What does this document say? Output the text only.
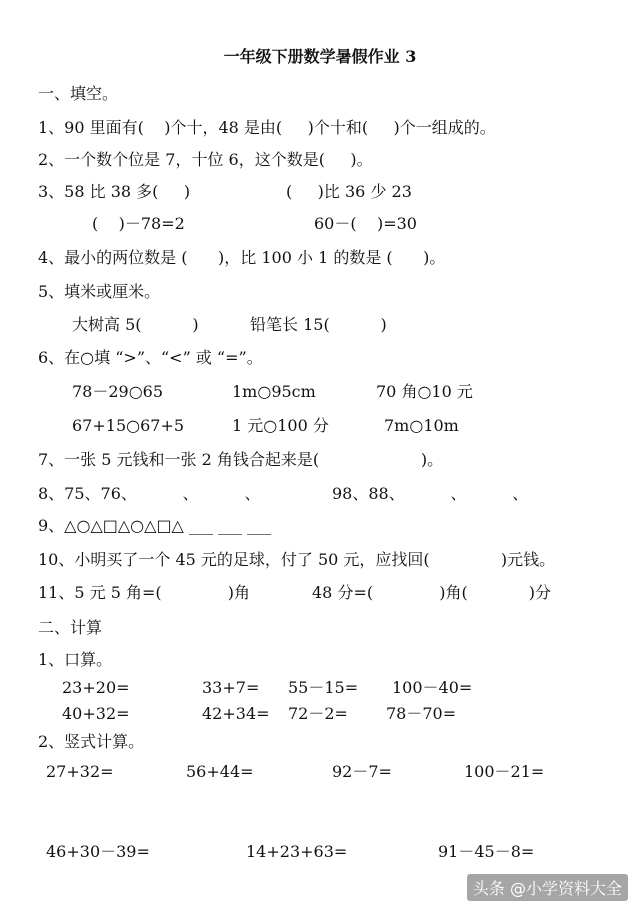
一年级下册数学暑假作业 3
一、填空。
1、90 里面有(    )个十，48 是由(     )个十和(     )个一组成的。
2、一个数个位是 7，十位 6，这个数是(     )。
3、58 比 38 多(     )	(     )比 36 少 23
(    )－78=2	60－(    )=30
4、最小的两位数是 (      )，比 100 小 1 的数是 (      )。
5、填米或厘米。
大树高 5(          )	铅笔长 15(          )
6、在○填 “>”、“<” 或 “=”。
78－29○65	1m○95cm	70 角○10 元
67+15○67+5	1 元○100 分	7m○10m
7、一张 5 元钱和一张 2 角钱合起来是(                    )。
8、75、76、         、         、	98、88、         、         、
9、△○△□△○△□△ ___ ___ ___
10、小明买了一个 45 元的足球，付了 50 元，应找回(              )元钱。
11、5 元 5 角=(             )角	48 分=(             )角(            )分
二、计算
1、口算。
23+20=	33+7= 55－15= 100－40=
40+32=	42+34= 72－2= 78－70=
2、竖式计算。
27+32=	56+44=	92－7=	100－21=
46+30－39=	14+23+63=	91－45－8=
头条 @小学资料大全
